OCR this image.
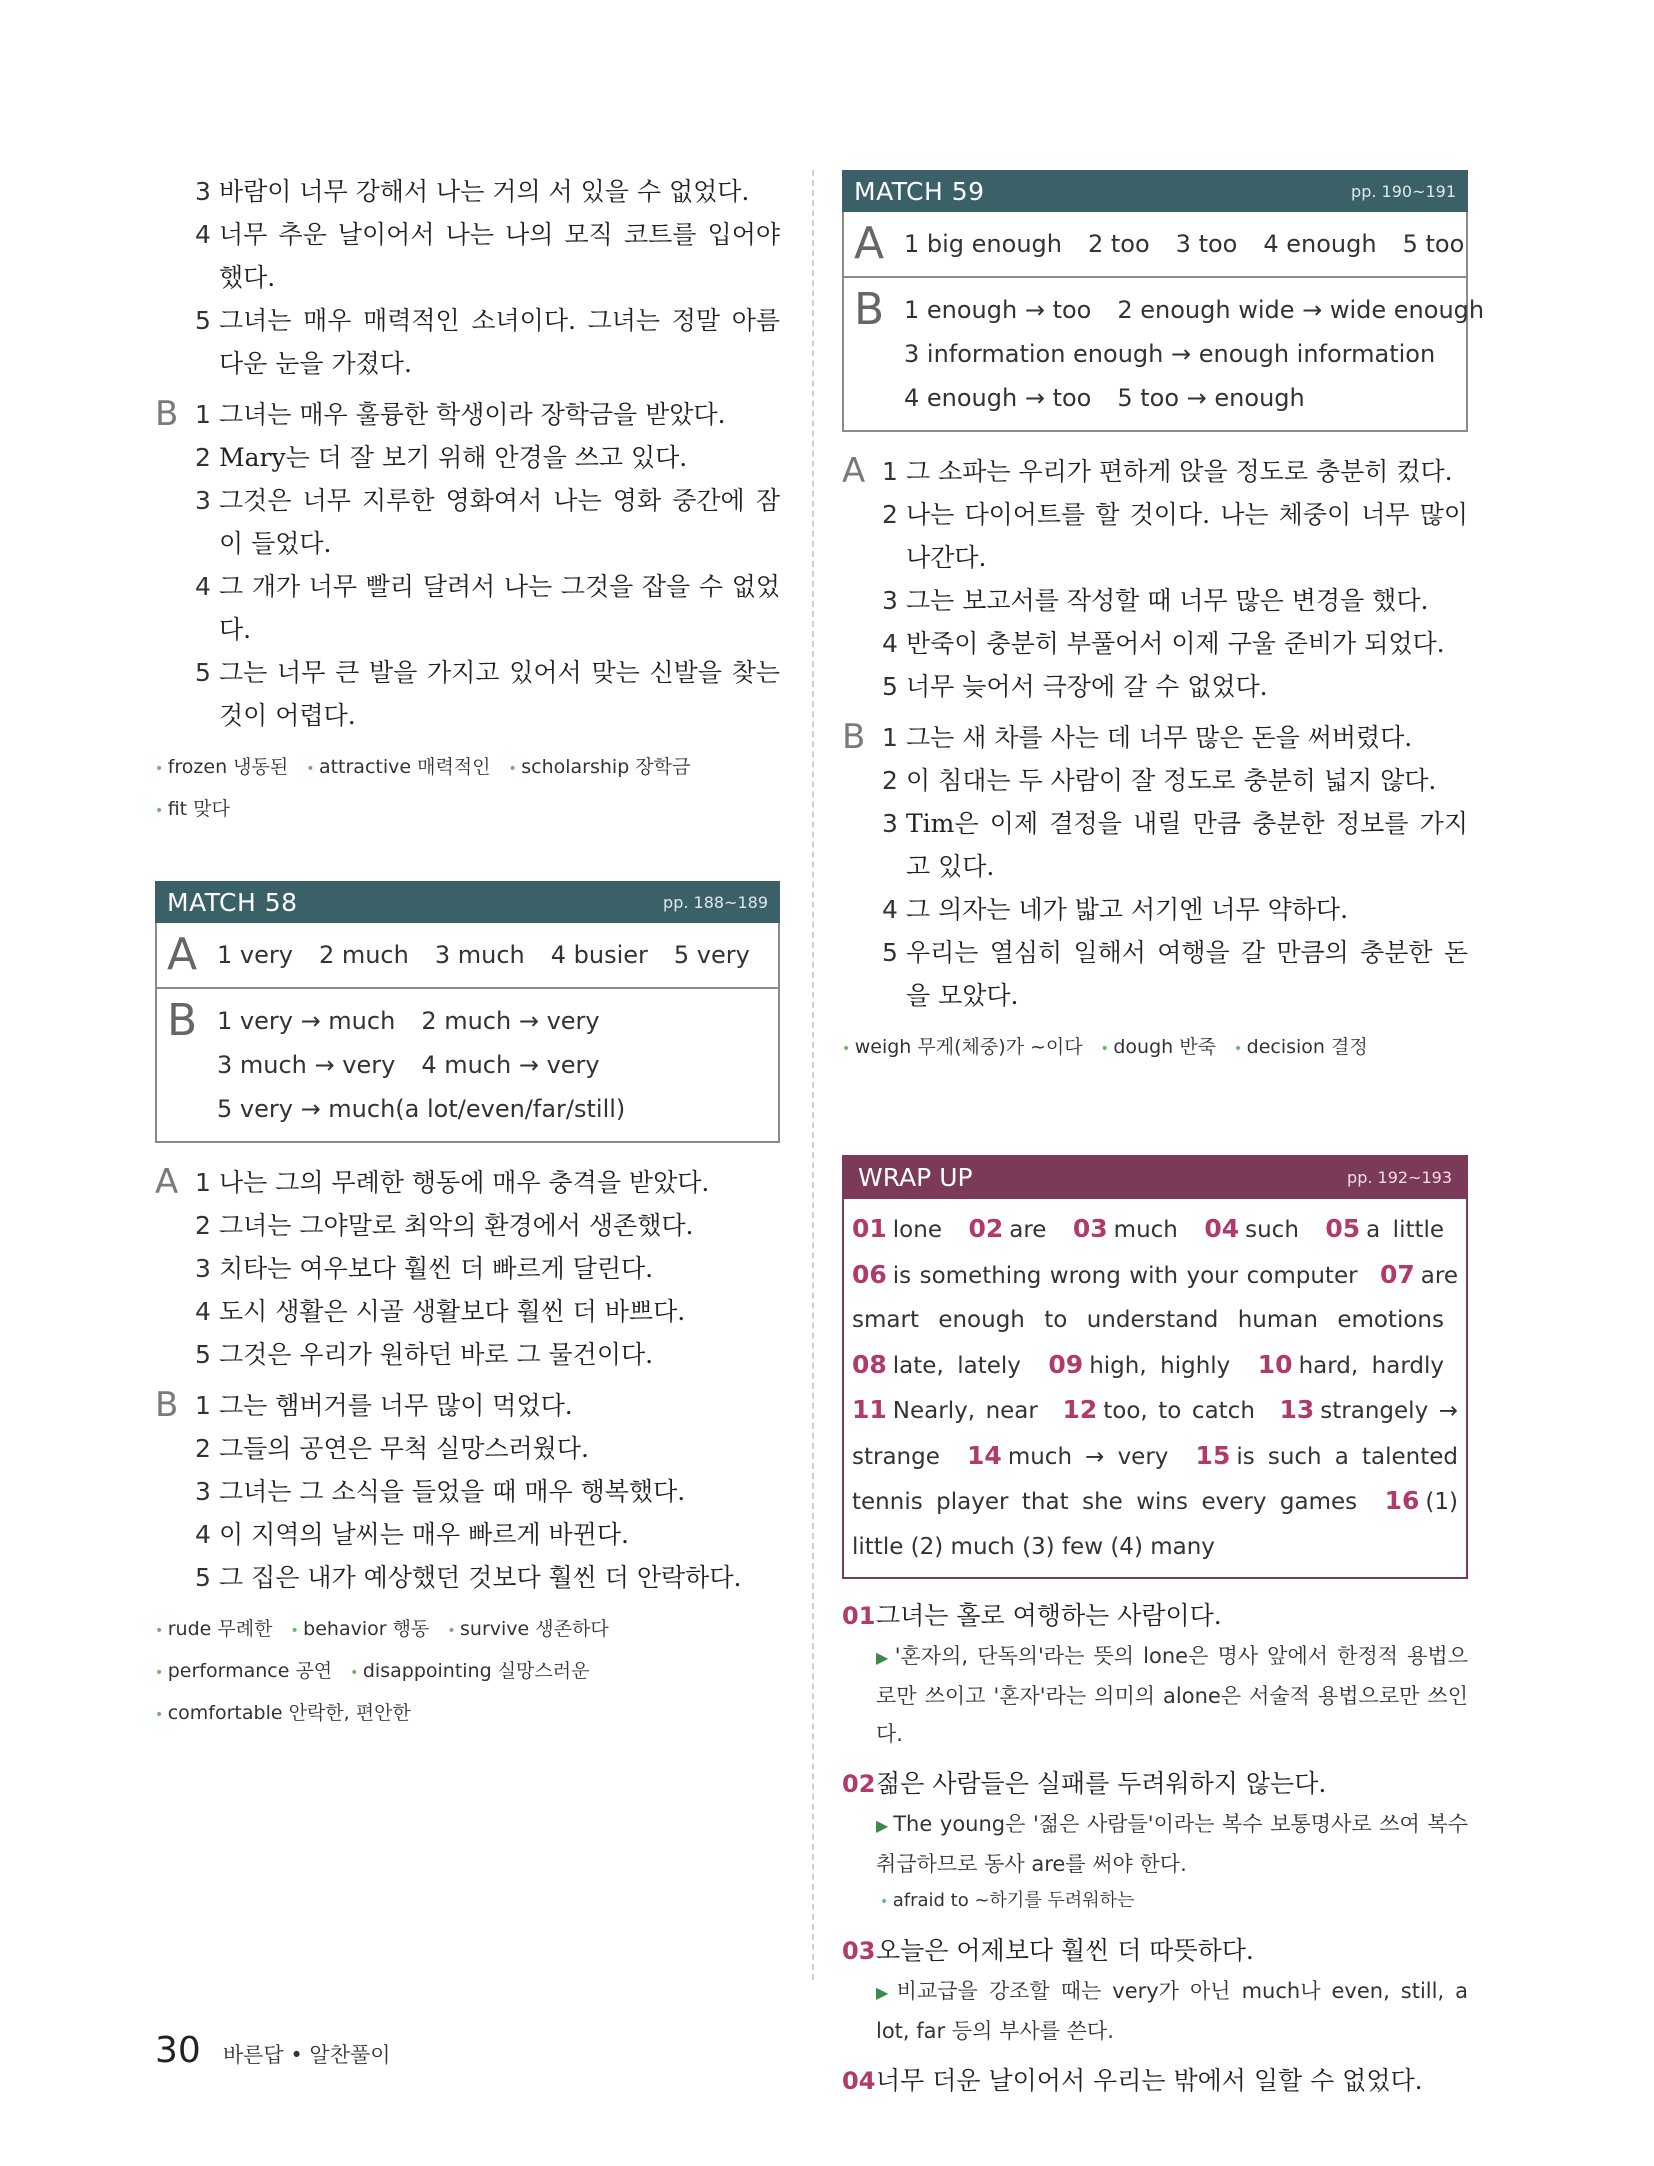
3 바람이 너무 강해서 나는 거의 서 있을 수 없었다.
4 너무 추운 날이어서 나는 나의 모직 코트를 입어야 했다.
5 그녀는 매우 매력적인 소녀이다. 그녀는 정말 아름다운 눈을 가졌다.
B 1 그녀는 매우 훌륭한 학생이라 장학금을 받았다.
2 Mary는 더 잘 보기 위해 안경을 쓰고 있다.
3 그것은 너무 지루한 영화여서 나는 영화 중간에 잠이 들었다.
4 그 개가 너무 빨리 달려서 나는 그것을 잡을 수 없었다.
5 그는 너무 큰 발을 가지고 있어서 맞는 신발을 찾는 것이 어렵다.
• frozen 냉동된 • attractive 매력적인 • scholarship 장학금• fit 맞다
MATCH 58	pp. 188~189
A 1 very 2 much 3 much 4 busier 5 very
B 1 very → much 2 much → very
3 much → very 4 much → very
5 very → much(a lot/even/far/still)
A 1 나는 그의 무례한 행동에 매우 충격을 받았다.
2 그녀는 그야말로 최악의 환경에서 생존했다.
3 치타는 여우보다 훨씬 더 빠르게 달린다.
4 도시 생활은 시골 생활보다 훨씬 더 바쁘다.
5 그것은 우리가 원하던 바로 그 물건이다.
B 1 그는 햄버거를 너무 많이 먹었다.
2 그들의 공연은 무척 실망스러웠다.
3 그녀는 그 소식을 들었을 때 매우 행복했다.
4 이 지역의 날씨는 매우 빠르게 바뀐다.
5 그 집은 내가 예상했던 것보다 훨씬 더 안락하다.
• rude 무례한 • behavior 행동 • survive 생존하다• performance 공연 • disappointing 실망스러운• comfortable 안락한, 편안한
MATCH 59	pp. 190~191
A 1 big enough 2 too 3 too 4 enough 5 too
B 1 enough → too 2 enough wide → wide enough
3 information enough → enough information
4 enough → too 5 too → enough
A 1 그 소파는 우리가 편하게 앉을 정도로 충분히 컸다.
2 나는 다이어트를 할 것이다. 나는 체중이 너무 많이 나간다.
3 그는 보고서를 작성할 때 너무 많은 변경을 했다.
4 반죽이 충분히 부풀어서 이제 구울 준비가 되었다.
5 너무 늦어서 극장에 갈 수 없었다.
B 1 그는 새 차를 사는 데 너무 많은 돈을 써버렸다.
2 이 침대는 두 사람이 잘 정도로 충분히 넓지 않다.
3 Tim은 이제 결정을 내릴 만큼 충분한 정보를 가지고 있다.
4 그 의자는 네가 밟고 서기엔 너무 약하다.
5 우리는 열심히 일해서 여행을 갈 만큼의 충분한 돈을 모았다.
• weigh 무게(체중)가 ~이다 • dough 반죽 • decision 결정
WRAP UP	pp. 192~193
01 lone 02 are 03 much 04 such 05 a little 06 is something wrong with your computer 07 are smart enough to understand human emotions 08 late, lately 09 high, highly 10 hard, hardly 11 Nearly, near 12 too, to catch 13 strangely → strange 14 much → very 15 is such a talented tennis player that she wins every games 16 (1) little (2) much (3) few (4) many
01 그녀는 홀로 여행하는 사람이다.
▶ '혼자의, 단독의'라는 뜻의 lone은 명사 앞에서 한정적 용법으로만 쓰이고 '혼자'라는 의미의 alone은 서술적 용법으로만 쓰인다.
02 젊은 사람들은 실패를 두려워하지 않는다.
▶ The young은 '젊은 사람들'이라는 복수 보통명사로 쓰여 복수 취급하므로 동사 are를 써야 한다.
• afraid to ~하기를 두려워하는
03 오늘은 어제보다 훨씬 더 따뜻하다.
▶ 비교급을 강조할 때는 very가 아닌 much나 even, still, a lot, far 등의 부사를 쓴다.
04 너무 더운 날이어서 우리는 밖에서 일할 수 없었다.
30 바른답 • 알찬풀이
